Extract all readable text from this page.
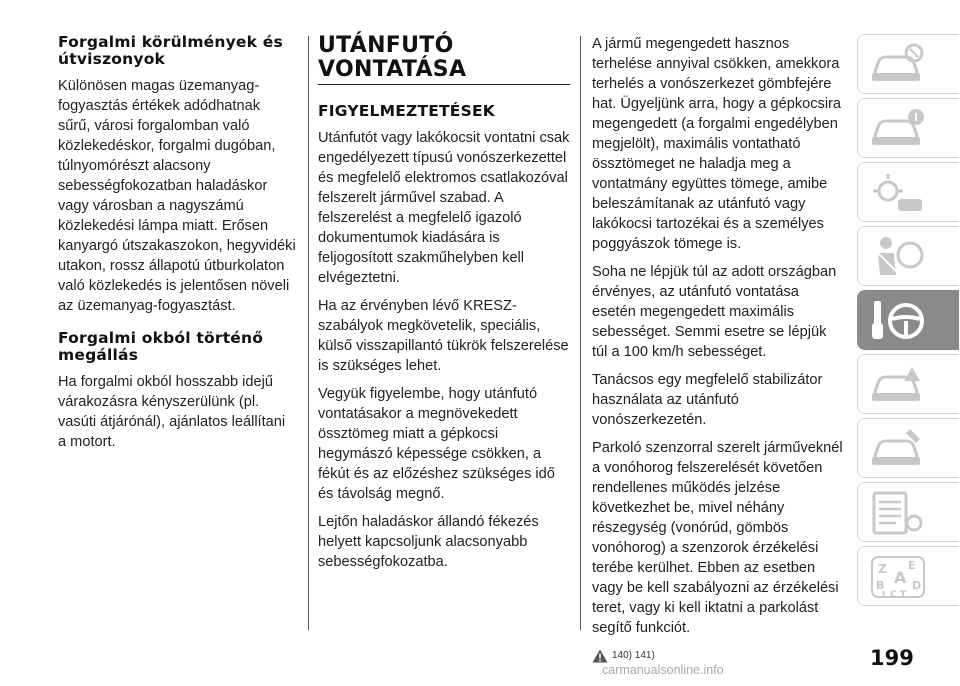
Forgalmi körülmények és útviszonyok

Különösen magas üzemanyag-fogyasztás értékek adódhatnak sűrű, városi forgalomban való közlekedéskor, forgalmi dugóban, túlnyomórészt alacsony sebességfokozatban haladáskor vagy városban a nagyszámú közlekedési lámpa miatt. Erősen kanyargó útszakaszokon, hegyvidéki utakon, rossz állapotú útburkolaton való közlekedés is jelentősen növeli az üzemanyag-fogyasztást.

Forgalmi okból történő megállás

Ha forgalmi okból hosszabb idejű várakozásra kényszerülünk (pl. vasúti átjárónál), ajánlatos leállítani a motort.

UTÁNFUTÓ VONTATÁSA
FIGYELMEZTETÉSEK

Utánfutót vagy lakókocsit vontatni csak engedélyezett típusú vonószerkezettel és megfelelő elektromos csatlakozóval felszerelt járművel szabad. A felszerelést a megfelelő igazoló dokumentumok kiadására is feljogosított szakműhelyben kell elvégeztetni.

Ha az érvényben lévő KRESZ-szabályok megkövetelik, speciális, külső visszapillantó tükrök felszerelése is szükséges lehet.

Vegyük figyelembe, hogy utánfutó vontatásakor a megnövekedett össztömeg miatt a gépkocsi hegymászó képessége csökken, a fékút és az előzéshez szükséges idő és távolság megnő.

Lejtőn haladáskor állandó fékezés helyett kapcsoljunk alacsonyabb sebességfokozatba.

A jármű megengedett hasznos terhelése annyival csökken, amekkora terhelés a vonószerkezet gömbfejére hat. Ügyeljünk arra, hogy a gépkocsira megengedett (a forgalmi engedélyben megjelölt), maximális vontatható össztömeget ne haladja meg a vontatmány együttes tömege, amibe beleszámítanak az utánfutó vagy lakókocsi tartozékai és a személyes poggyászok tömege is.

Soha ne lépjük túl az adott országban érvényes, az utánfutó vontatása esetén megengedett maximális sebességet. Semmi esetre se lépjük túl a 100 km/h sebességet.

Tanácsos egy megfelelő stabilizátor használata az utánfutó vonószerkezetén.

Parkoló szenzorral szerelt járműveknél a vonóhorog felszerelését követően rendellenes működés jelzése következhet be, mivel néhány részegység (vonórúd, gömbös vonóhorog) a szenzorok érzékelési terébe kerülhet. Ebben az esetben vagy be kell szabályozni az érzékelési teret, vagy ki kell iktatni a parkolást segítő funkciót.

140) 141)
Z E
A
B	D
I C T
199
carmanualsonline.info
